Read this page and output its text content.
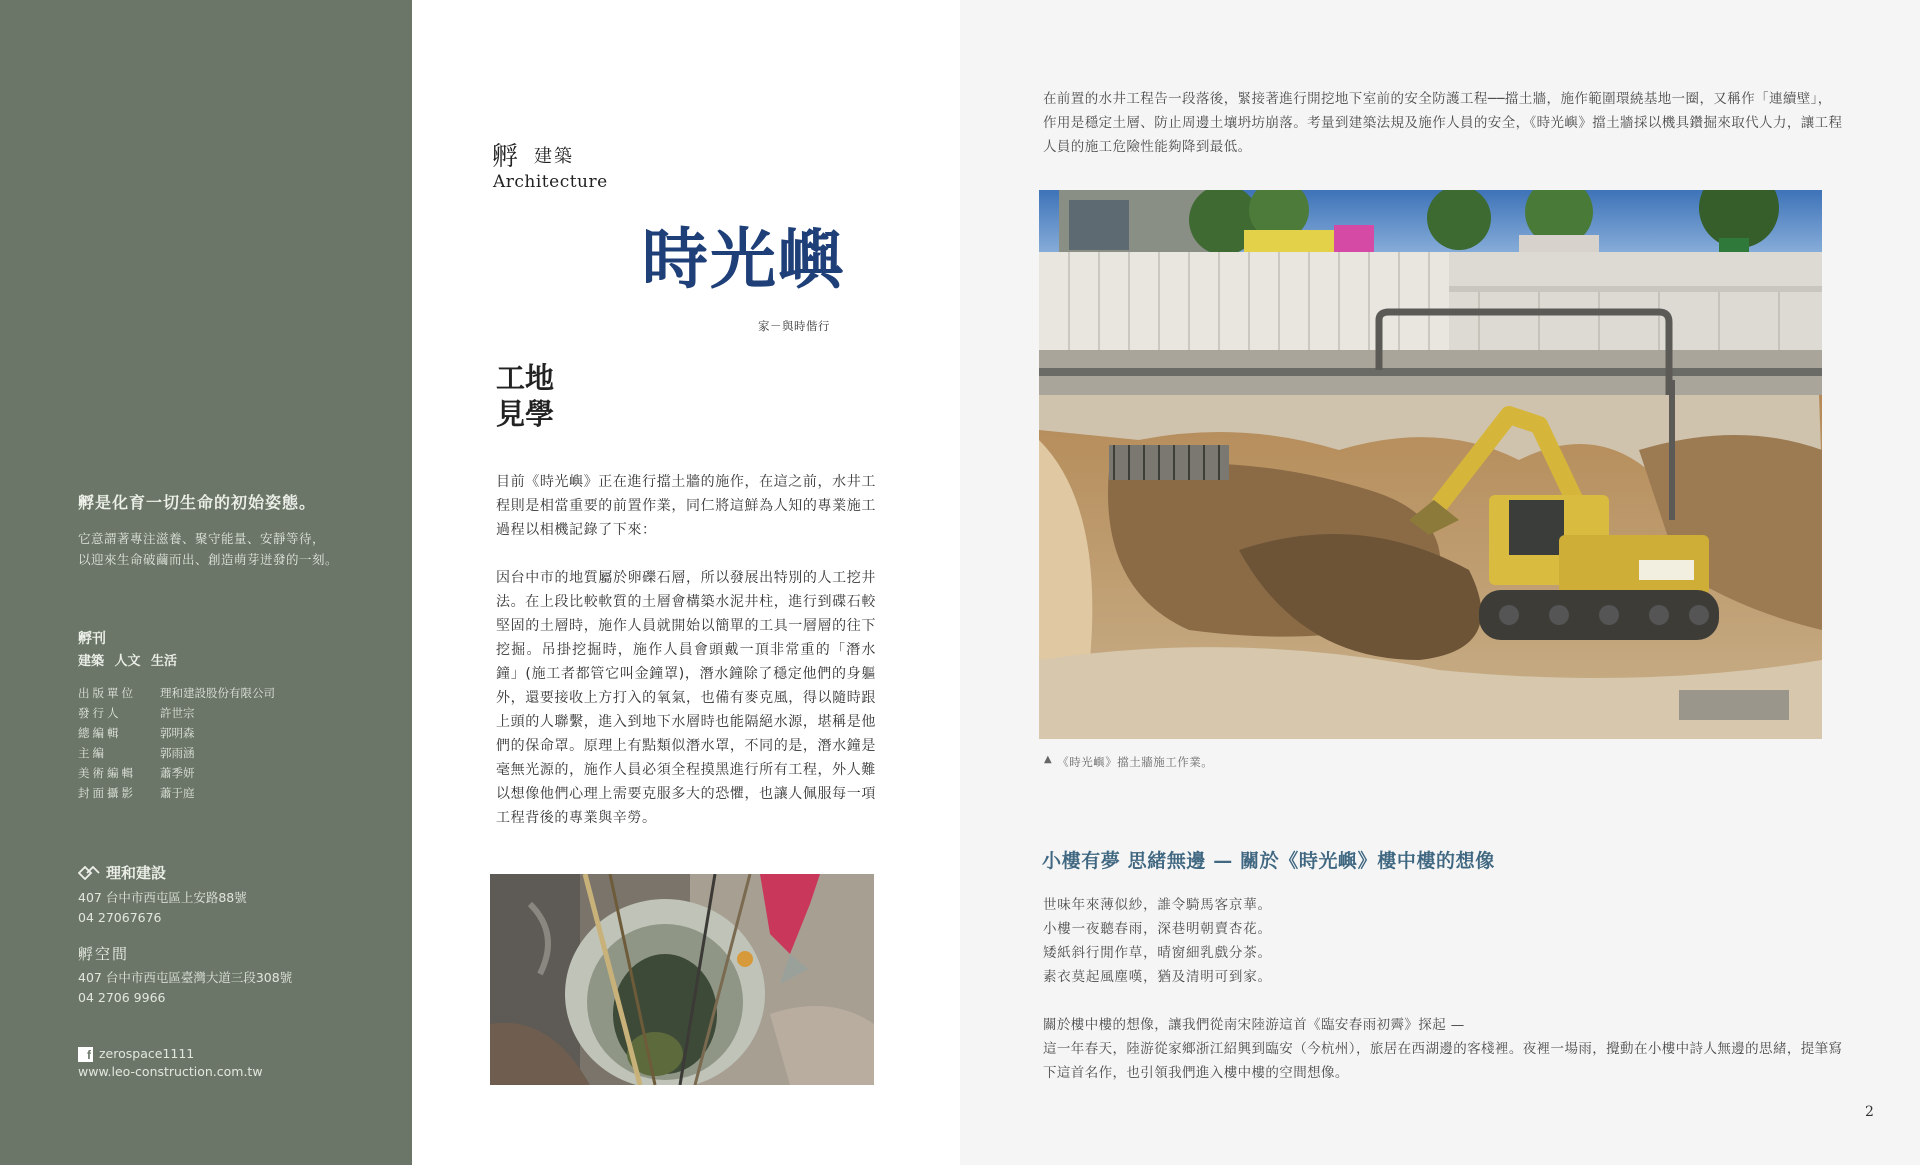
孵是化育一切生命的初始姿態。
它意謂著專注滋養、聚守能量、安靜等待，
以迎來生命破繭而出、創造萌芽迸發的一刻。
孵刊
建築 人文 生活
出版單位	理和建設股份有限公司
發行人	許世宗
總編輯	郭明森
主編	郭雨涵
美術編輯	蕭季妍
封面攝影	蕭于庭
理和建設
407 台中市西屯區上安路88號
04 27067676
孵空間
407 台中市西屯區臺灣大道三段308號
04 2706 9966
f zerospace1111
www.leo-construction.com.tw
孵 建築
Architecture
時光嶼
家－與時偕行
工地
見學

目前《時光嶼》正在進行擋土牆的施作，在這之前，水井工程則是相當重要的前置作業，同仁將這鮮為人知的專業施工過程以相機記錄了下來：

因台中市的地質屬於卵礫石層，所以發展出特別的人工挖井法。在上段比較軟質的土層會構築水泥井柱，進行到碟石較堅固的土層時，施作人員就開始以簡單的工具一層層的往下挖掘。吊掛挖掘時，施作人員會頭戴一頂非常重的「潛水鐘」(施工者都管它叫金鐘罩)，潛水鐘除了穩定他們的身軀外，還要接收上方打入的氧氣，也備有麥克風，得以隨時跟上頭的人聯繫，進入到地下水層時也能隔絕水源，堪稱是他們的保命罩。原理上有點類似潛水罩，不同的是，潛水鐘是毫無光源的，施作人員必須全程摸黑進行所有工程，外人難以想像他們心理上需要克服多大的恐懼，也讓人佩服每一項工程背後的專業與辛勞。

在前置的水井工程告一段落後，緊接著進行開挖地下室前的安全防護工程──擋土牆，施作範圍環繞基地一圈，又稱作「連續壁」，作用是穩定土層、防止周邊土壤坍坊崩落。考量到建築法規及施作人員的安全，《時光嶼》擋土牆採以機具鑽掘來取代人力，讓工程人員的施工危險性能夠降到最低。

▲ 《時光嶼》擋土牆施工作業。
小樓有夢 思緒無邊 — 關於《時光嶼》樓中樓的想像
世味年來薄似紗，誰令騎馬客京華。
小樓一夜聽春雨，深巷明朝賣杏花。
矮紙斜行閒作草，晴窗細乳戲分茶。
素衣莫起風塵嘆，猶及清明可到家。
關於樓中樓的想像，讓我們從南宋陸游這首《臨安春雨初霽》探起 —
這一年春天，陸游從家鄉浙江紹興到臨安（今杭州），旅居在西湖邊的客棧裡。夜裡一場雨，攪動在小樓中詩人無邊的思緒，提筆寫下這首名作，也引領我們進入樓中樓的空間想像。
2
